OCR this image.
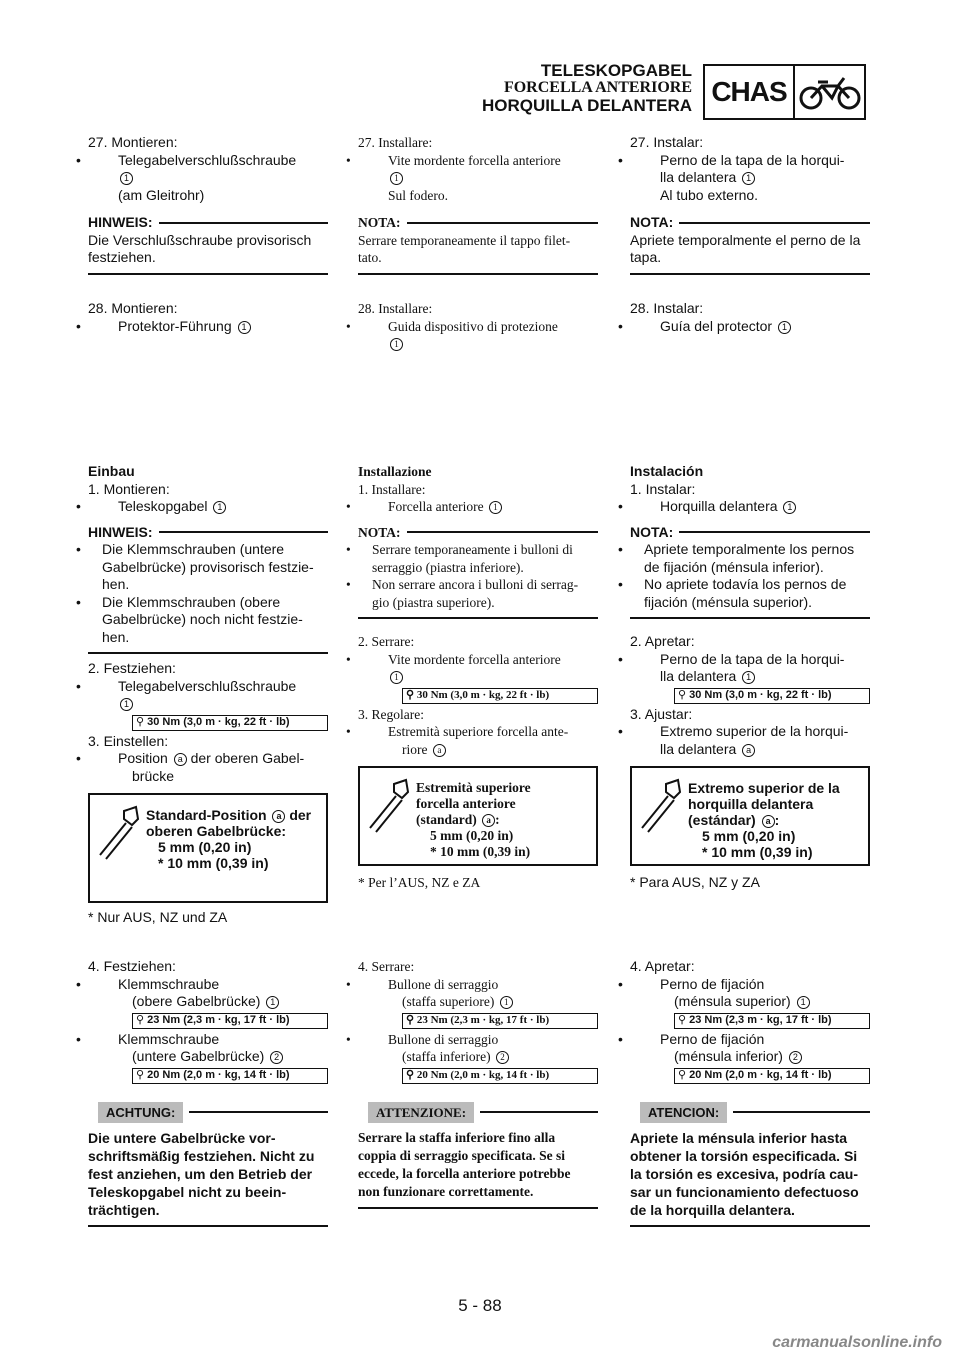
TELESKOPGABEL
FORCELLA ANTERIORE
HORQUILLA DELANTERA CHAS
27. Montieren:
• Telegabelverschlußschraube
1
(am Gleitrohr)
HINWEIS:
Die Verschlußschraube provisorisch
festziehen.
28. Montieren:
• Protektor-Führung 1
Einbau
1. Montieren:
• Teleskopgabel 1
HINWEIS:
• Die Klemmschrauben (untere
Gabelbrücke) provisorisch festzie-
hen.
• Die Klemmschrauben (obere
Gabelbrücke) noch nicht festzie-
hen.
2. Festziehen:
• Telegabelverschlußschraube
1
⚲ 30 Nm (3,0 m · kg, 22 ft · lb)
3. Einstellen:
• Position a der oberen Gabel-
brücke
Standard-Position a der
oberen Gabelbrücke:
5 mm (0,20 in)
* 10 mm (0,39 in)
* Nur AUS, NZ und ZA
4. Festziehen:
• Klemmschraube
(obere Gabelbrücke) 1
⚲ 23 Nm (2,3 m · kg, 17 ft · lb)
• Klemmschraube
(untere Gabelbrücke) 2
⚲ 20 Nm (2,0 m · kg, 14 ft · lb)
ACHTUNG:
Die untere Gabelbrücke vor-
schriftsmäßig festziehen. Nicht zu
fest anziehen, um den Betrieb der
Teleskopgabel nicht zu beein-
trächtigen.
27. Installare:
• Vite mordente forcella anteriore
1
Sul fodero.
NOTA:
Serrare temporaneamente il tappo filet-
tato.
28. Installare:
• Guida dispositivo di protezione
1
Installazione
1. Installare:
• Forcella anteriore 1
NOTA:
• Serrare temporaneamente i bulloni di
serraggio (piastra inferiore).
• Non serrare ancora i bulloni di serrag-
gio (piastra superiore).
2. Serrare:
• Vite mordente forcella anteriore
1
⚲ 30 Nm (3,0 m · kg, 22 ft · lb)
3. Regolare:
• Estremità superiore forcella ante-
riore a
Estremità superiore
forcella anteriore
(standard) a :
5 mm (0,20 in)
* 10 mm (0,39 in)
* Per l’AUS, NZ e ZA
4. Serrare:
• Bullone di serraggio
(staffa superiore) 1
⚲ 23 Nm (2,3 m · kg, 17 ft · lb)
• Bullone di serraggio
(staffa inferiore) 2
⚲ 20 Nm (2,0 m · kg, 14 ft · lb)
ATTENZIONE:
Serrare la staffa inferiore fino alla
coppia di serraggio specificata. Se si
eccede, la forcella anteriore potrebbe
non funzionare correttamente.
27. Instalar:
• Perno de la tapa de la horqui-
lla delantera 1
Al tubo externo.
NOTA:
Apriete temporalmente el perno de la
tapa.
28. Instalar:
• Guía del protector 1
Instalación
1. Instalar:
• Horquilla delantera 1
NOTA:
• Apriete temporalmente los pernos
de fijación (ménsula inferior).
• No apriete todavía los pernos de
fijación (ménsula superior).
2. Apretar:
• Perno de la tapa de la horqui-
lla delantera 1
⚲ 30 Nm (3,0 m · kg, 22 ft · lb)
3. Ajustar:
• Extremo superior de la horqui-
lla delantera a
Extremo superior de la
horquilla delantera
(estándar) a :
5 mm (0,20 in)
* 10 mm (0,39 in)
* Para AUS, NZ y ZA
4. Apretar:
• Perno de fijación
(ménsula superior) 1
⚲ 23 Nm (2,3 m · kg, 17 ft · lb)
• Perno de fijación
(ménsula inferior) 2
⚲ 20 Nm (2,0 m · kg, 14 ft · lb)
ATENCION:
Apriete la ménsula inferior hasta
obtener la torsión especificada. Si
la torsión es excesiva, podría cau-
sar un funcionamiento defectuoso
de la horquilla delantera.
5 - 88
carmanualsonline.info
